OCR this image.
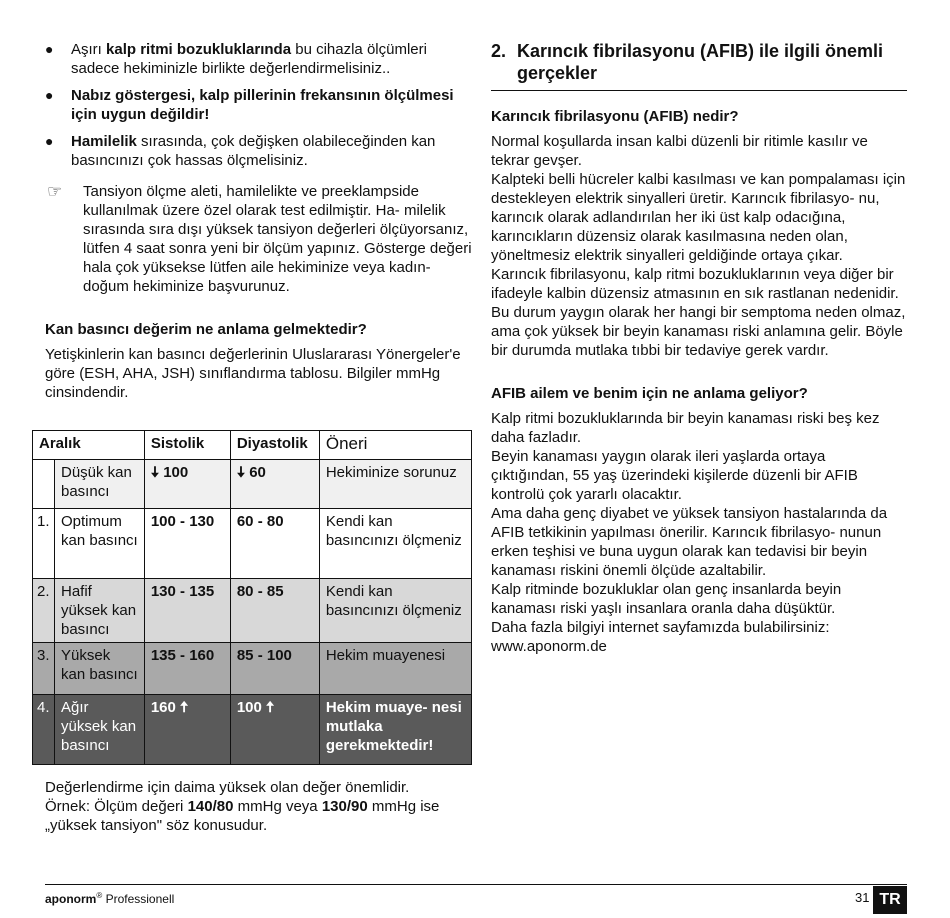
● Aşırı kalp ritmi bozukluklarında bu cihazla ölçümleri sadece hekiminizle birlikte değerlendirmelisiniz..
● Nabız göstergesi, kalp pillerinin frekansının ölçülmesi için uygun değildir!
● Hamilelik sırasında, çok değişken olabileceğinden kan basıncınızı çok hassas ölçmelisiniz.
☞ Tansiyon ölçme aleti, hamilelikte ve preeklampside kullanılmak üzere özel olarak test edilmiştir. Ha- milelik sırasında sıra dışı yüksek tansiyon değerleri ölçüyorsanız, lütfen 4 saat sonra yeni bir ölçüm yapınız. Gösterge değeri hala çok yüksekse lütfen aile hekiminize veya kadın-doğum hekiminize başvurunuz.
Kan basıncı değerim ne anlama gelmektedir?

Yetişkinlerin kan basıncı değerlerinin Uluslararası Yönergeler'e göre (ESH, AHA, JSH) sınıflandırma tablosu. Bilgiler mmHg cinsindendir.

Aralık		Sistolik	Diyastolik	Öneri
	Düşük kan basıncı	🠇 100	🠇 60	Hekiminize sorunuz
1.	Optimum kan basıncı	100 - 130	60 - 80	Kendi kan basıncınızı ölçmeniz
2.	Hafif yüksek kan basıncı	130 - 135	80 - 85	Kendi kan basıncınızı ölçmeniz
3.	Yüksek kan basıncı	135 - 160	85 - 100	Hekim muayenesi
4.	Ağır yüksek kan basıncı	160 🠅	100 🠅	Hekim muaye- nesi mutlaka gerekmektedir!
Değerlendirme için daima yüksek olan değer önemlidir.
Örnek: Ölçüm değeri 140/80 mmHg veya 130/90 mmHg ise
„yüksek tansiyon" söz konusudur.
2. Karıncık fibrilasyonu (AFIB) ile ilgili önemli gerçekler
Karıncık fibrilasyonu (AFIB) nedir?

Normal koşullarda insan kalbi düzenli bir ritimle kasılır ve tekrar gevşer.

Kalpteki belli hücreler kalbi kasılması ve kan pompalaması için destekleyen elektrik sinyalleri üretir. Karıncık fibrilasyo- nu, karıncık olarak adlandırılan her iki üst kalp odacığına, karıncıkların düzensiz olarak kasılmasına neden olan, yöneltmesiz elektrik sinyalleri geldiğinde ortaya çıkar.

Karıncık fibrilasyonu, kalp ritmi bozukluklarının veya diğer bir ifadeyle kalbin düzensiz atmasının en sık rastlanan nedenidir. Bu durum yaygın olarak her hangi bir semptoma neden olmaz, ama çok yüksek bir beyin kanaması riski anlamına gelir. Böyle bir durumda mutlaka tıbbi bir tedaviye gerek vardır.

AFIB ailem ve benim için ne anlama geliyor?

Kalp ritmi bozukluklarında bir beyin kanaması riski beş kez daha fazladır.

Beyin kanaması yaygın olarak ileri yaşlarda ortaya çıktığından, 55 yaş üzerindeki kişilerde düzenli bir AFIB kontrolü çok yararlı olacaktır.

Ama daha genç diyabet ve yüksek tansiyon hastalarında da AFIB tetkikinin yapılması önerilir. Karıncık fibrilasyo- nunun erken teşhisi ve buna uygun olarak kan tedavisi bir beyin kanaması riskini önemli ölçüde azaltabilir.

Kalp ritminde bozukluklar olan genç insanlarda beyin kanaması riski yaşlı insanlara oranla daha düşüktür.

Daha fazla bilgiyi internet sayfamızda bulabilirsiniz:

www.aponorm.de

aponorm® Professionell	31 TR
